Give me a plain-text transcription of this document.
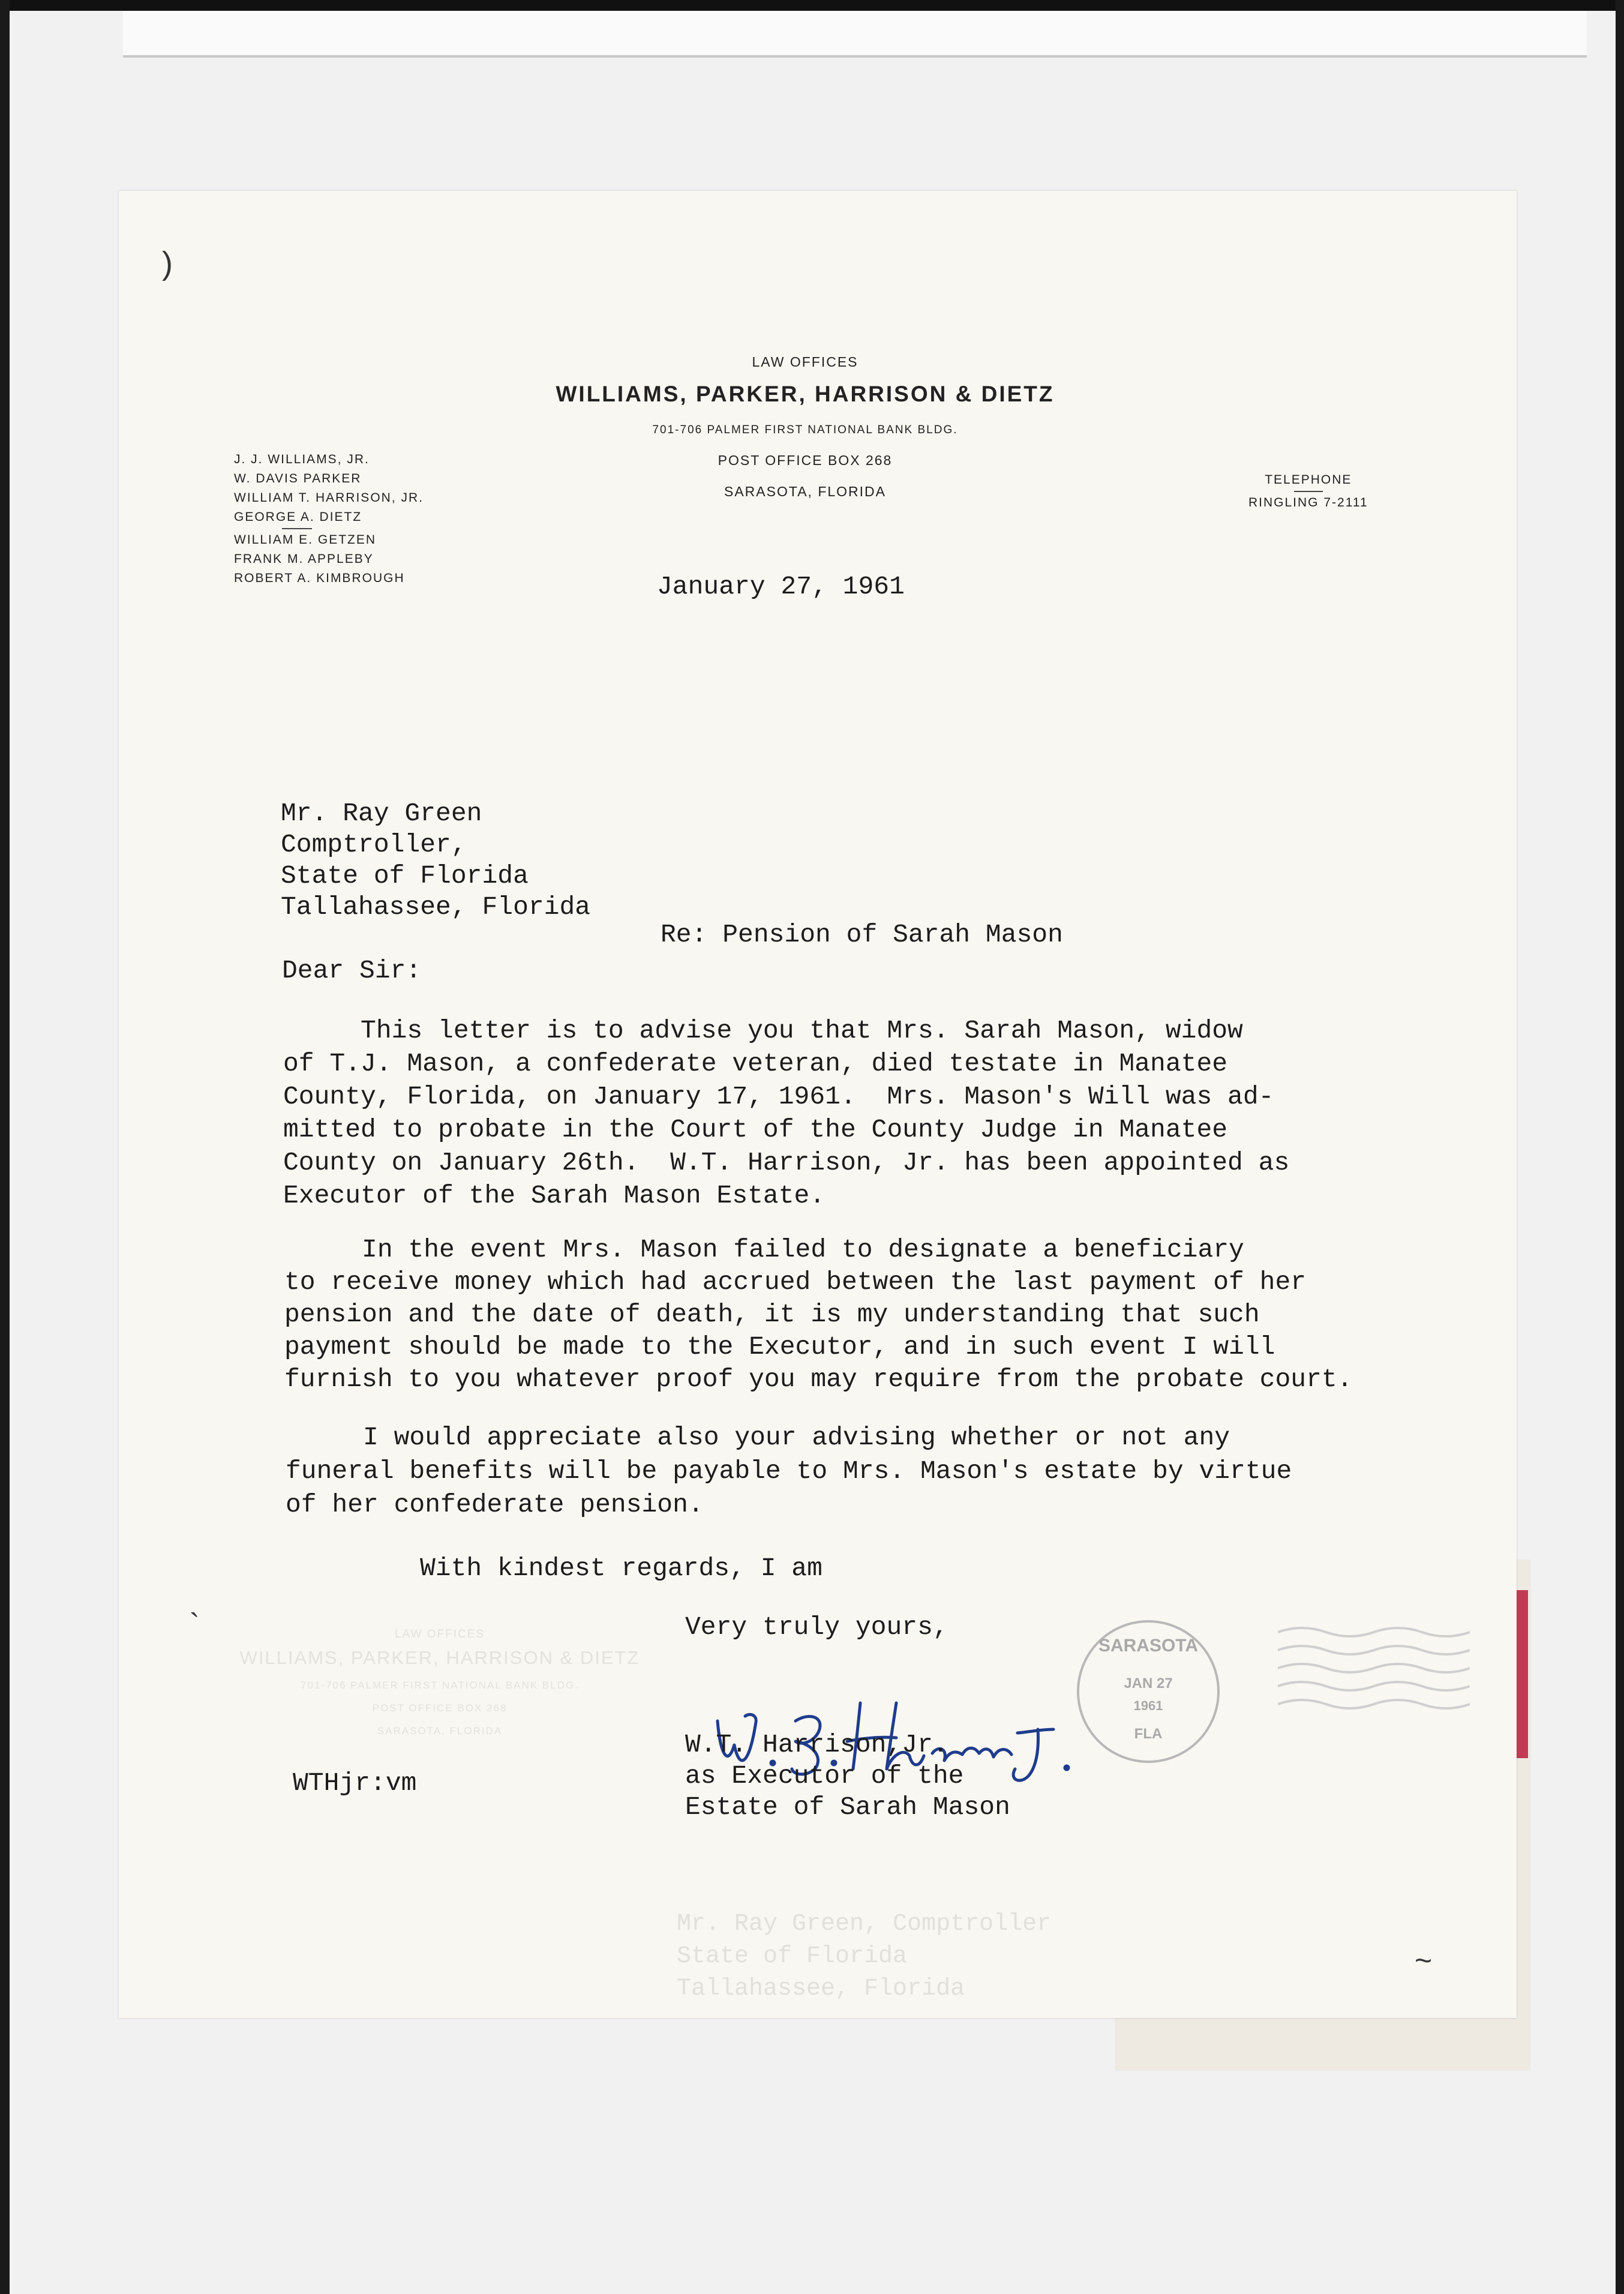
LAW OFFICES
WILLIAMS, PARKER, HARRISON & DIETZ
701-706 PALMER FIRST NATIONAL BANK BLDG.
POST OFFICE BOX 268
SARASOTA, FLORIDA
J. J. WILLIAMS, JR.
W. DAVIS PARKER
WILLIAM T. HARRISON, JR.
GEORGE A. DIETZ
WILLIAM E. GETZEN
FRANK M. APPLEBY
ROBERT A. KIMBROUGH
TELEPHONE
RINGLING 7-2111
January 27, 1961
Mr. Ray Green
Comptroller,
State of Florida
Tallahassee, Florida
Re: Pension of Sarah Mason
Dear Sir:
This letter is to advise you that Mrs. Sarah Mason, widow
of T.J. Mason, a confederate veteran, died testate in Manatee
County, Florida, on January 17, 1961.  Mrs. Mason's Will was ad-
mitted to probate in the Court of the County Judge in Manatee
County on January 26th.  W.T. Harrison, Jr. has been appointed as
Executor of the Sarah Mason Estate.
In the event Mrs. Mason failed to designate a beneficiary
to receive money which had accrued between the last payment of her
pension and the date of death, it is my understanding that such
payment should be made to the Executor, and in such event I will
furnish to you whatever proof you may require from the probate court.
I would appreciate also your advising whether or not any
funeral benefits will be payable to Mrs. Mason's estate by virtue
of her confederate pension.
With kindest regards, I am
Very truly yours,
LAW OFFICES
WILLIAMS, PARKER, HARRISON & DIETZ
701-706 PALMER FIRST NATIONAL BANK BLDG.
POST OFFICE BOX 268
SARASOTA, FLORIDA
Mr. Ray Green, Comptroller
State of Florida
Tallahassee, Florida
W.T. Harrison,Jr.
as Executor of the
Estate of Sarah Mason
WTHjr:vm
)
`
~
SARASOTA
JAN 27
1961
FLA
